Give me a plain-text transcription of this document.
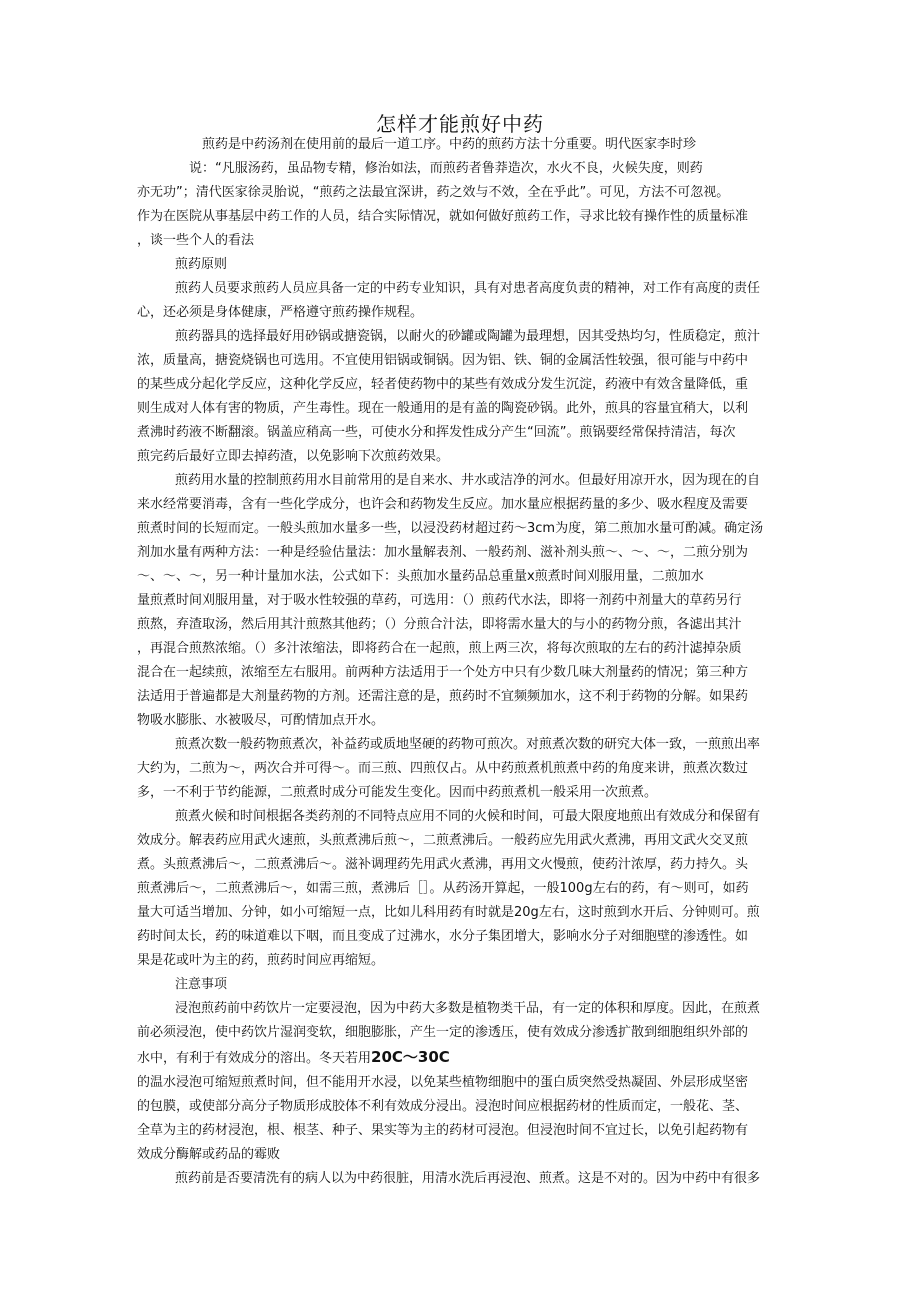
怎样才能煎好中药
煎药是中药汤剂在使用前的最后一道工序。中药的煎药方法十分重要。明代医家李时珍
说：“凡服汤药，虽品物专精，修治如法，而煎药者鲁莽造次，水火不良，火候失度，则药
亦无功”；清代医家徐灵胎说，“煎药之法最宜深讲，药之效与不效，全在乎此”。可见，方法不可忽视。
作为在医院从事基层中药工作的人员，结合实际情况，就如何做好煎药工作，寻求比较有操作性的质量标准
，谈一些个人的看法
煎药原则
煎药人员要求煎药人员应具备一定的中药专业知识，具有对患者高度负责的精神，对工作有高度的责任
心，还必须是身体健康，严格遵守煎药操作规程。
煎药器具的选择最好用砂锅或搪瓷锅，以耐火的砂罐或陶罐为最理想，因其受热均匀，性质稳定，煎汁
浓，质量高，搪瓷烧锅也可选用。不宜使用铝锅或铜锅。因为铝、铁、铜的金属活性较强，很可能与中药中
的某些成分起化学反应，这种化学反应，轻者使药物中的某些有效成分发生沉淀，药液中有效含量降低，重
则生成对人体有害的物质，产生毒性。现在一般通用的是有盖的陶瓷砂锅。此外，煎具的容量宜稍大，以利
煮沸时药液不断翻滚。锅盖应稍高一些，可使水分和挥发性成分产生“回流”。煎锅要经常保持清洁，每次
煎完药后最好立即去掉药渣，以免影响下次煎药效果。
煎药用水量的控制煎药用水目前常用的是自来水、井水或洁净的河水。但最好用凉开水，因为现在的自
来水经常要消毒，含有一些化学成分，也许会和药物发生反应。加水量应根据药量的多少、吸水程度及需要
煎煮时间的长短而定。一般头煎加水量多一些，以浸没药材超过药～3cm为度，第二煎加水量可酌减。确定汤
剂加水量有两种方法：一种是经验估量法：加水量解表剂、一般药剂、滋补剂头煎～、～、～，二煎分别为
～、～、～，另一种计量加水法，公式如下：头煎加水量药品总重量x煎煮时间刈服用量，二煎加水
量煎煮时间刈服用量，对于吸水性较强的草药，可选用：（）煎药代水法，即将一剂药中剂量大的草药另行
煎熬，弃渣取汤，然后用其汁煎熬其他药；（）分煎合汁法，即将需水量大的与小的药物分煎，各滤出其汁
，再混合煎熬浓缩。（）多汁浓缩法，即将药合在一起煎，煎上两三次，将每次煎取的左右的药汁滤掉杂质
混合在一起续煎，浓缩至左右服用。前两种方法适用于一个处方中只有少数几味大剂量药的情况；第三种方
法适用于普遍都是大剂量药物的方剂。还需注意的是，煎药时不宜频频加水，这不利于药物的分解。如果药
物吸水膨胀、水被吸尽，可酌情加点开水。
煎煮次数一般药物煎煮次，补益药或质地坚硬的药物可煎次。对煎煮次数的研究大体一致，一煎煎出率
大约为，二煎为～，两次合并可得～。而三煎、四煎仅占。从中药煎煮机煎煮中药的角度来讲，煎煮次数过
多，一不利于节约能源，二煎煮时成分可能发生变化。因而中药煎煮机一般采用一次煎煮。
煎煮火候和时间根据各类药剂的不同特点应用不同的火候和时间，可最大限度地煎出有效成分和保留有
效成分。解表药应用武火速煎，头煎煮沸后煎～，二煎煮沸后。一般药应先用武火煮沸，再用文武火交叉煎
煮。头煎煮沸后～，二煎煮沸后～。滋补调理药先用武火煮沸，再用文火慢煎，使药汁浓厚，药力持久。头
煎煮沸后～，二煎煮沸后～，如需三煎，煮沸后［］。从药汤开算起，一般100g左右的药，有～则可，如药
量大可适当增加、分钟，如小可缩短一点，比如儿科用药有时就是20g左右，这时煎到水开后、分钟则可。煎
药时间太长，药的味道难以下咽，而且变成了过沸水，水分子集团增大，影响水分子对细胞壁的渗透性。如
果是花或叶为主的药，煎药时间应再缩短。
注意事项
浸泡煎药前中药饮片一定要浸泡，因为中药大多数是植物类干品，有一定的体积和厚度。因此，在煎煮
前必须浸泡，使中药饮片湿润变软，细胞膨胀，产生一定的渗透压，使有效成分渗透扩散到细胞组织外部的
水中，有利于有效成分的溶出。冬天若用20C～30C
的温水浸泡可缩短煎煮时间，但不能用开水浸，以免某些植物细胞中的蛋白质突然受热凝固、外层形成坚密
的包膜，或使部分高分子物质形成胶体不利有效成分浸出。浸泡时间应根据药材的性质而定，一般花、茎、
全草为主的药材浸泡，根、根茎、种子、果实等为主的药材可浸泡。但浸泡时间不宜过长，以免引起药物有
效成分酶解或药品的霉败
煎药前是否要清洗有的病人以为中药很脏，用清水洗后再浸泡、煎煮。这是不对的。因为中药中有很多
